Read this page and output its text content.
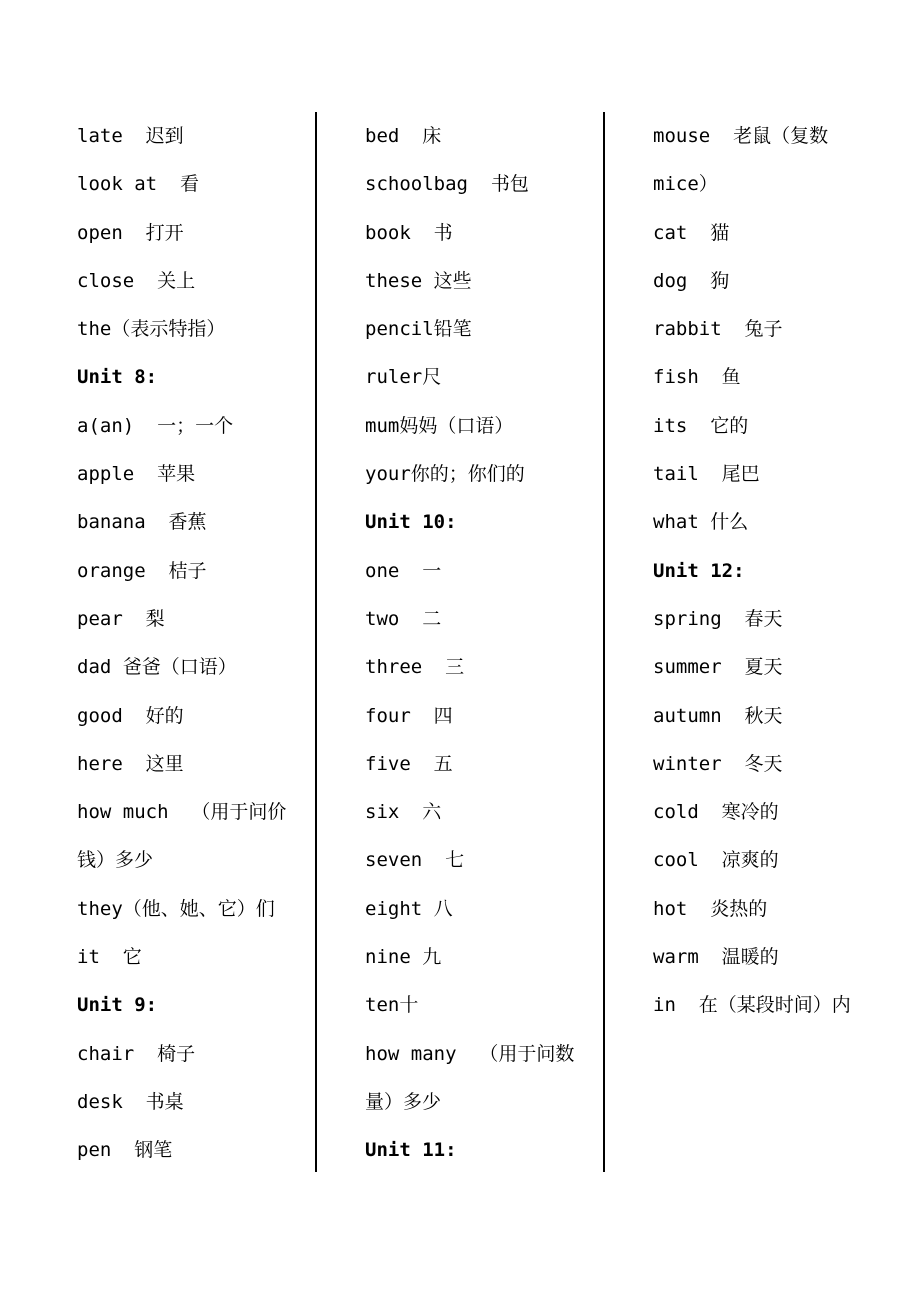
late  迟到
look at  看
open  打开
close  关上
the（表示特指）
Unit 8:
a(an)  一；一个
apple  苹果
banana  香蕉
orange  桔子
pear  梨
dad 爸爸（口语）
good  好的
here  这里
how much  （用于问价
钱）多少
they（他、她、它）们
it  它
Unit 9:
chair  椅子
desk  书桌
pen  钢笔
bed  床
schoolbag  书包
book  书
these 这些
pencil铅笔
ruler尺
mum妈妈（口语）
your你的；你们的
Unit 10:
one  一
two  二
three  三
four  四
five  五
six  六
seven  七
eight 八
nine 九
ten十
how many  （用于问数
量）多少
Unit 11:
mouse  老鼠（复数
mice）
cat  猫
dog  狗
rabbit  兔子
fish  鱼
its  它的
tail  尾巴
what 什么
Unit 12:
spring  春天
summer  夏天
autumn  秋天
winter  冬天
cold  寒冷的
cool  凉爽的
hot  炎热的
warm  温暖的
in  在（某段时间）内
